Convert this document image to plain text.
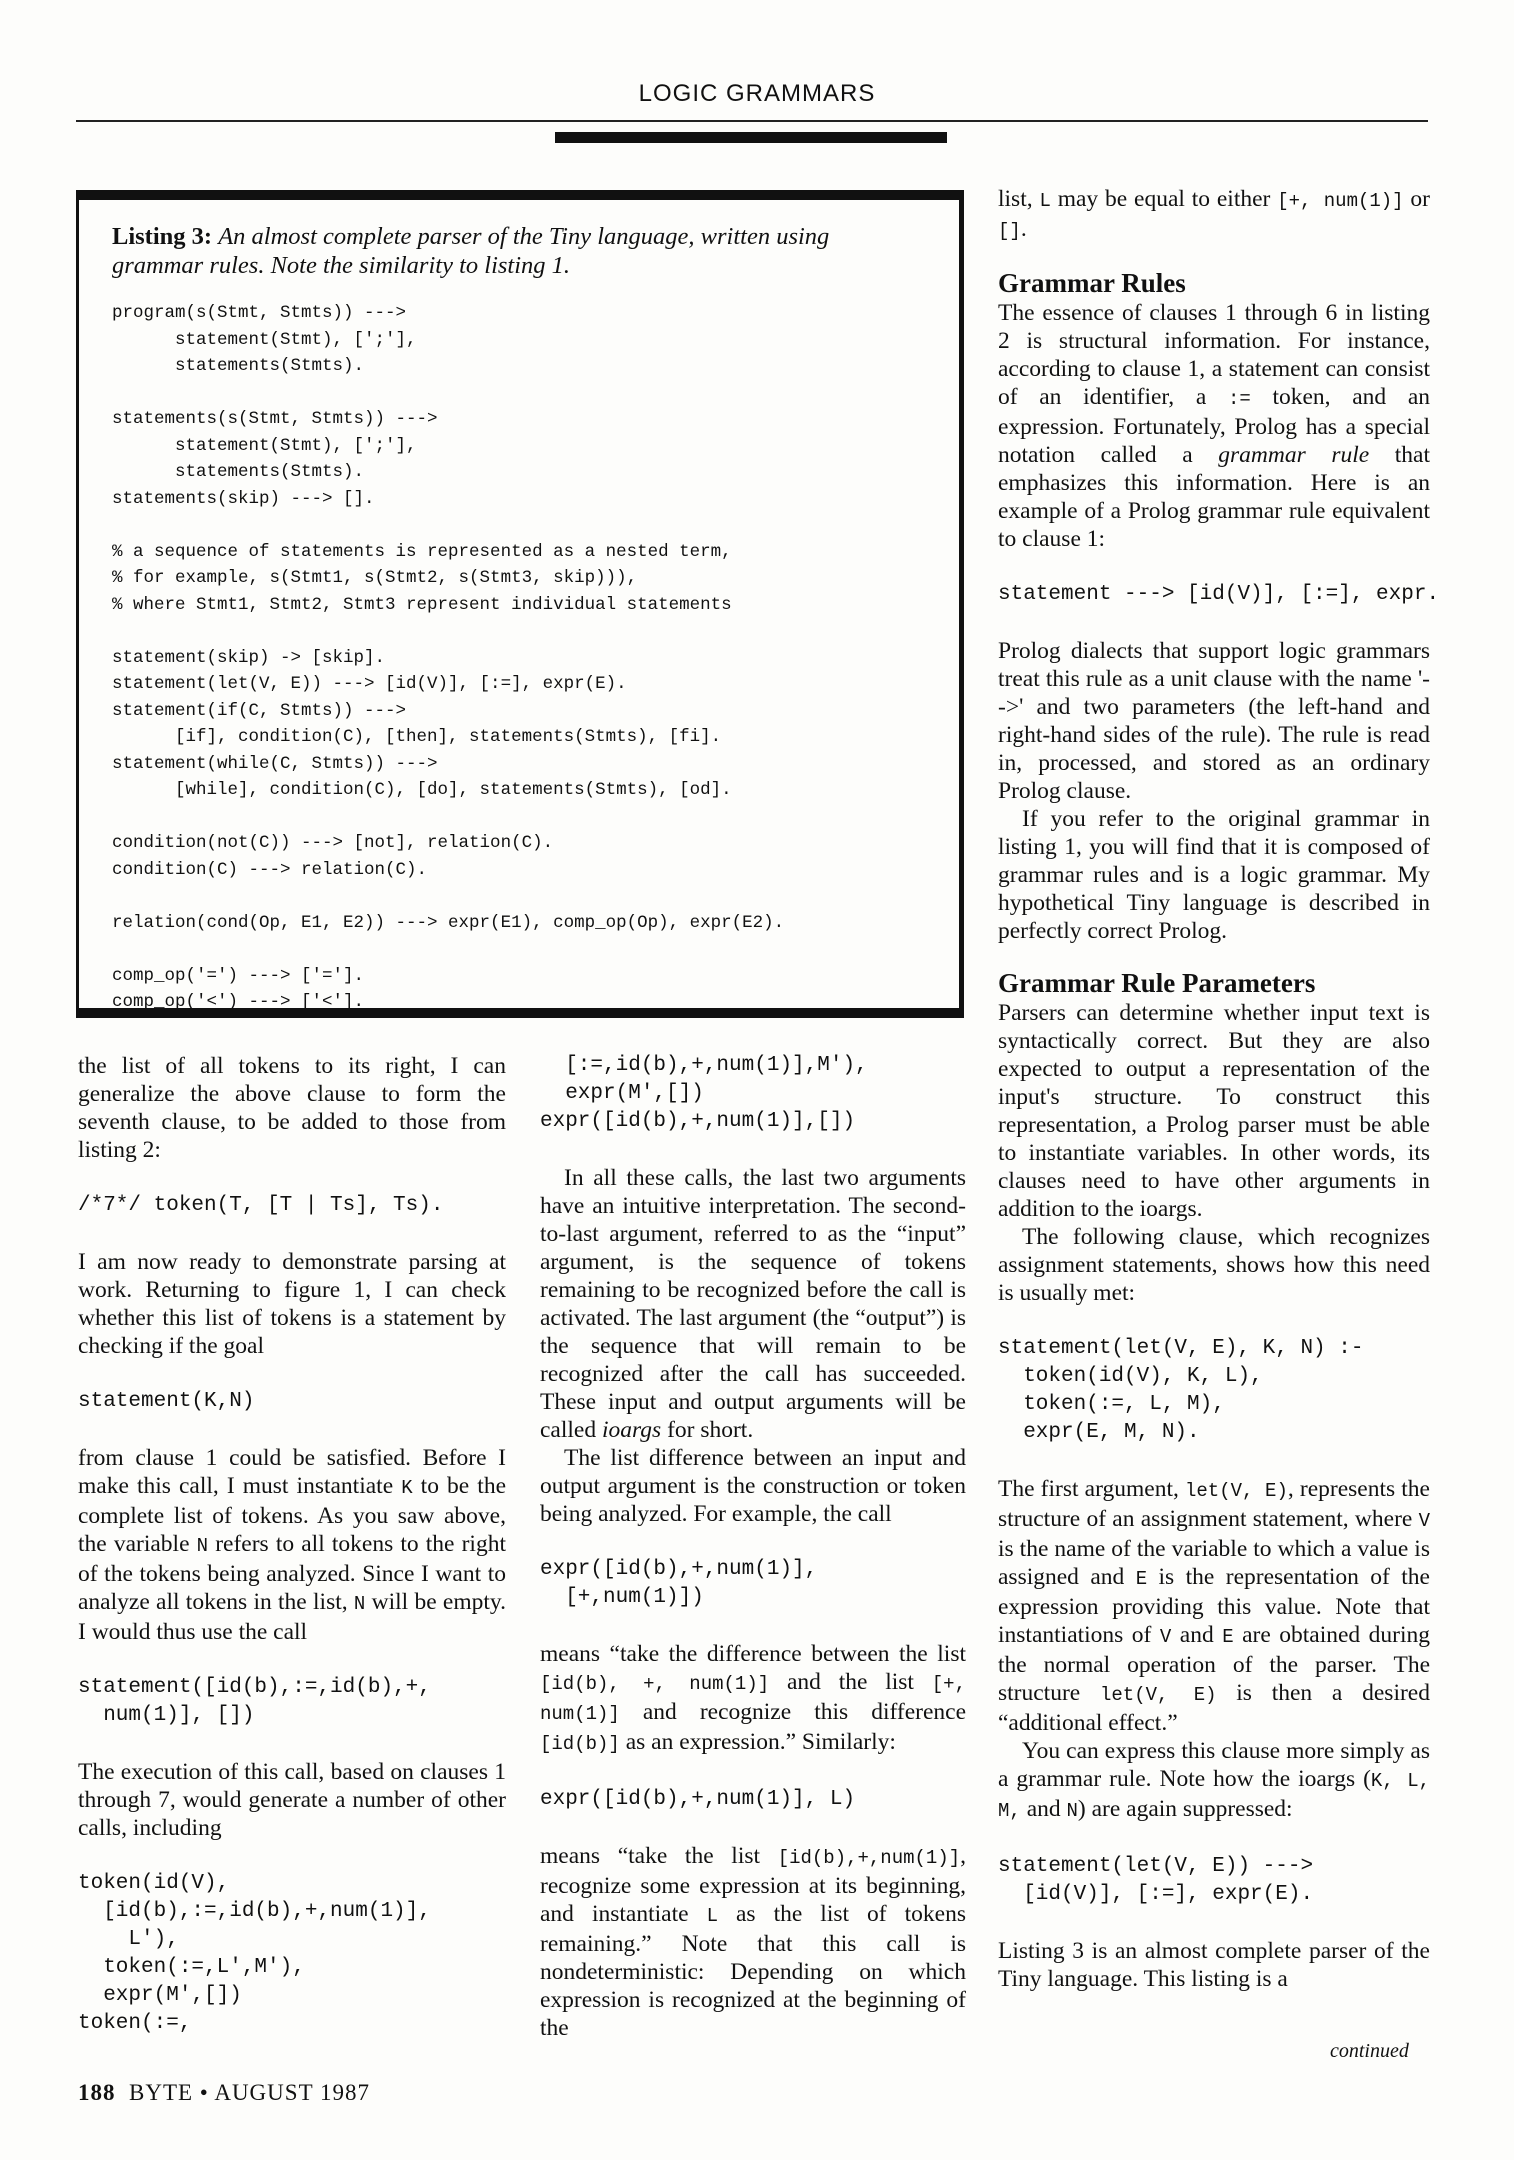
LOGIC GRAMMARS
Listing 3: An almost complete parser of the Tiny language, written using grammar rules. Note the similarity to listing 1.
program(s(Stmt, Stmts)) --->
statement(Stmt), [';'],
statements(Stmts).

statements(s(Stmt, Stmts)) --->
statement(Stmt), [';'],
statements(Stmts).
statements(skip) ---> [].

% a sequence of statements is represented as a nested term,
% for example, s(Stmt1, s(Stmt2, s(Stmt3, skip))),
% where Stmt1, Stmt2, Stmt3 represent individual statements

statement(skip) -> [skip].
statement(let(V, E)) ---> [id(V)], [:=], expr(E).
statement(if(C, Stmts)) --->
[if], condition(C), [then], statements(Stmts), [fi].
statement(while(C, Stmts)) --->
[while], condition(C), [do], statements(Stmts), [od].

condition(not(C)) ---> [not], relation(C).
condition(C) ---> relation(C).

relation(cond(Op, E1, E2)) ---> expr(E1), comp_op(Op), expr(E2).

comp_op('=') ---> ['='].
comp_op('<') ---> ['<'].

the list of all tokens to its right, I can generalize the above clause to form the seventh clause, to be added to those from listing 2:

/*7*/ token(T, [T | Ts], Ts).

I am now ready to demonstrate parsing at work. Returning to figure 1, I can check whether this list of tokens is a statement by checking if the goal

statement(K,N)

from clause 1 could be satisfied. Before I make this call, I must instantiate K to be the complete list of tokens. As you saw above, the variable N refers to all tokens to the right of the tokens being analyzed. Since I want to analyze all tokens in the list, N will be empty. I would thus use the call

statement([id(b),:=,id(b),+,
num(1)], [])

The execution of this call, based on clauses 1 through 7, would generate a number of other calls, including

token(id(V),
[id(b),:=,id(b),+,num(1)],
L'),
token(:=,L',M'),
expr(M',[])
token(:=,
[:=,id(b),+,num(1)],M'),
expr(M',[])
expr([id(b),+,num(1)],[])

In all these calls, the last two arguments have an intuitive interpretation. The second-to-last argument, referred to as the “input” argument, is the sequence of tokens remaining to be recognized before the call is activated. The last argument (the “output”) is the sequence that will remain to be recognized after the call has succeeded. These input and output arguments will be called ioargs for short.

The list difference between an input and output argument is the construction or token being analyzed. For example, the call

expr([id(b),+,num(1)],
[+,num(1)])

means “take the difference between the list [id(b), +, num(1)] and the list [+, num(1)] and recognize this difference [id(b)] as an expression.” Similarly:

expr([id(b),+,num(1)], L)

means “take the list [id(b),+,num(1)], recognize some expression at its beginning, and instantiate L as the list of tokens remaining.” Note that this call is nondeterministic: Depending on which expression is recognized at the beginning of the

list, L may be equal to either [+, num(1)] or [].

Grammar Rules

The essence of clauses 1 through 6 in listing 2 is structural information. For instance, according to clause 1, a statement can consist of an identifier, a := token, and an expression. Fortunately, Prolog has a special notation called a grammar rule that emphasizes this information. Here is an example of a Prolog grammar rule equivalent to clause 1:

statement ---> [id(V)], [:=], expr.

Prolog dialects that support logic grammars treat this rule as a unit clause with the name '-->' and two parameters (the left-hand and right-hand sides of the rule). The rule is read in, processed, and stored as an ordinary Prolog clause.

If you refer to the original grammar in listing 1, you will find that it is composed of grammar rules and is a logic grammar. My hypothetical Tiny language is described in perfectly correct Prolog.

Grammar Rule Parameters

Parsers can determine whether input text is syntactically correct. But they are also expected to output a representation of the input's structure. To construct this representation, a Prolog parser must be able to instantiate variables. In other words, its clauses need to have other arguments in addition to the ioargs.

The following clause, which recognizes assignment statements, shows how this need is usually met:

statement(let(V, E), K, N) :-
token(id(V), K, L),
token(:=, L, M),
expr(E, M, N).

The first argument, let(V, E), represents the structure of an assignment statement, where V is the name of the variable to which a value is assigned and E is the representation of the expression providing this value. Note that instantiations of V and E are obtained during the normal operation of the parser. The structure let(V, E) is then a desired “additional effect.”

You can express this clause more simply as a grammar rule. Note how the ioargs (K, L, M, and N) are again suppressed:

statement(let(V, E)) --->
[id(V)], [:=], expr(E).

Listing 3 is an almost complete parser of the Tiny language. This listing is a

continued
188 BYTE • AUGUST 1987
